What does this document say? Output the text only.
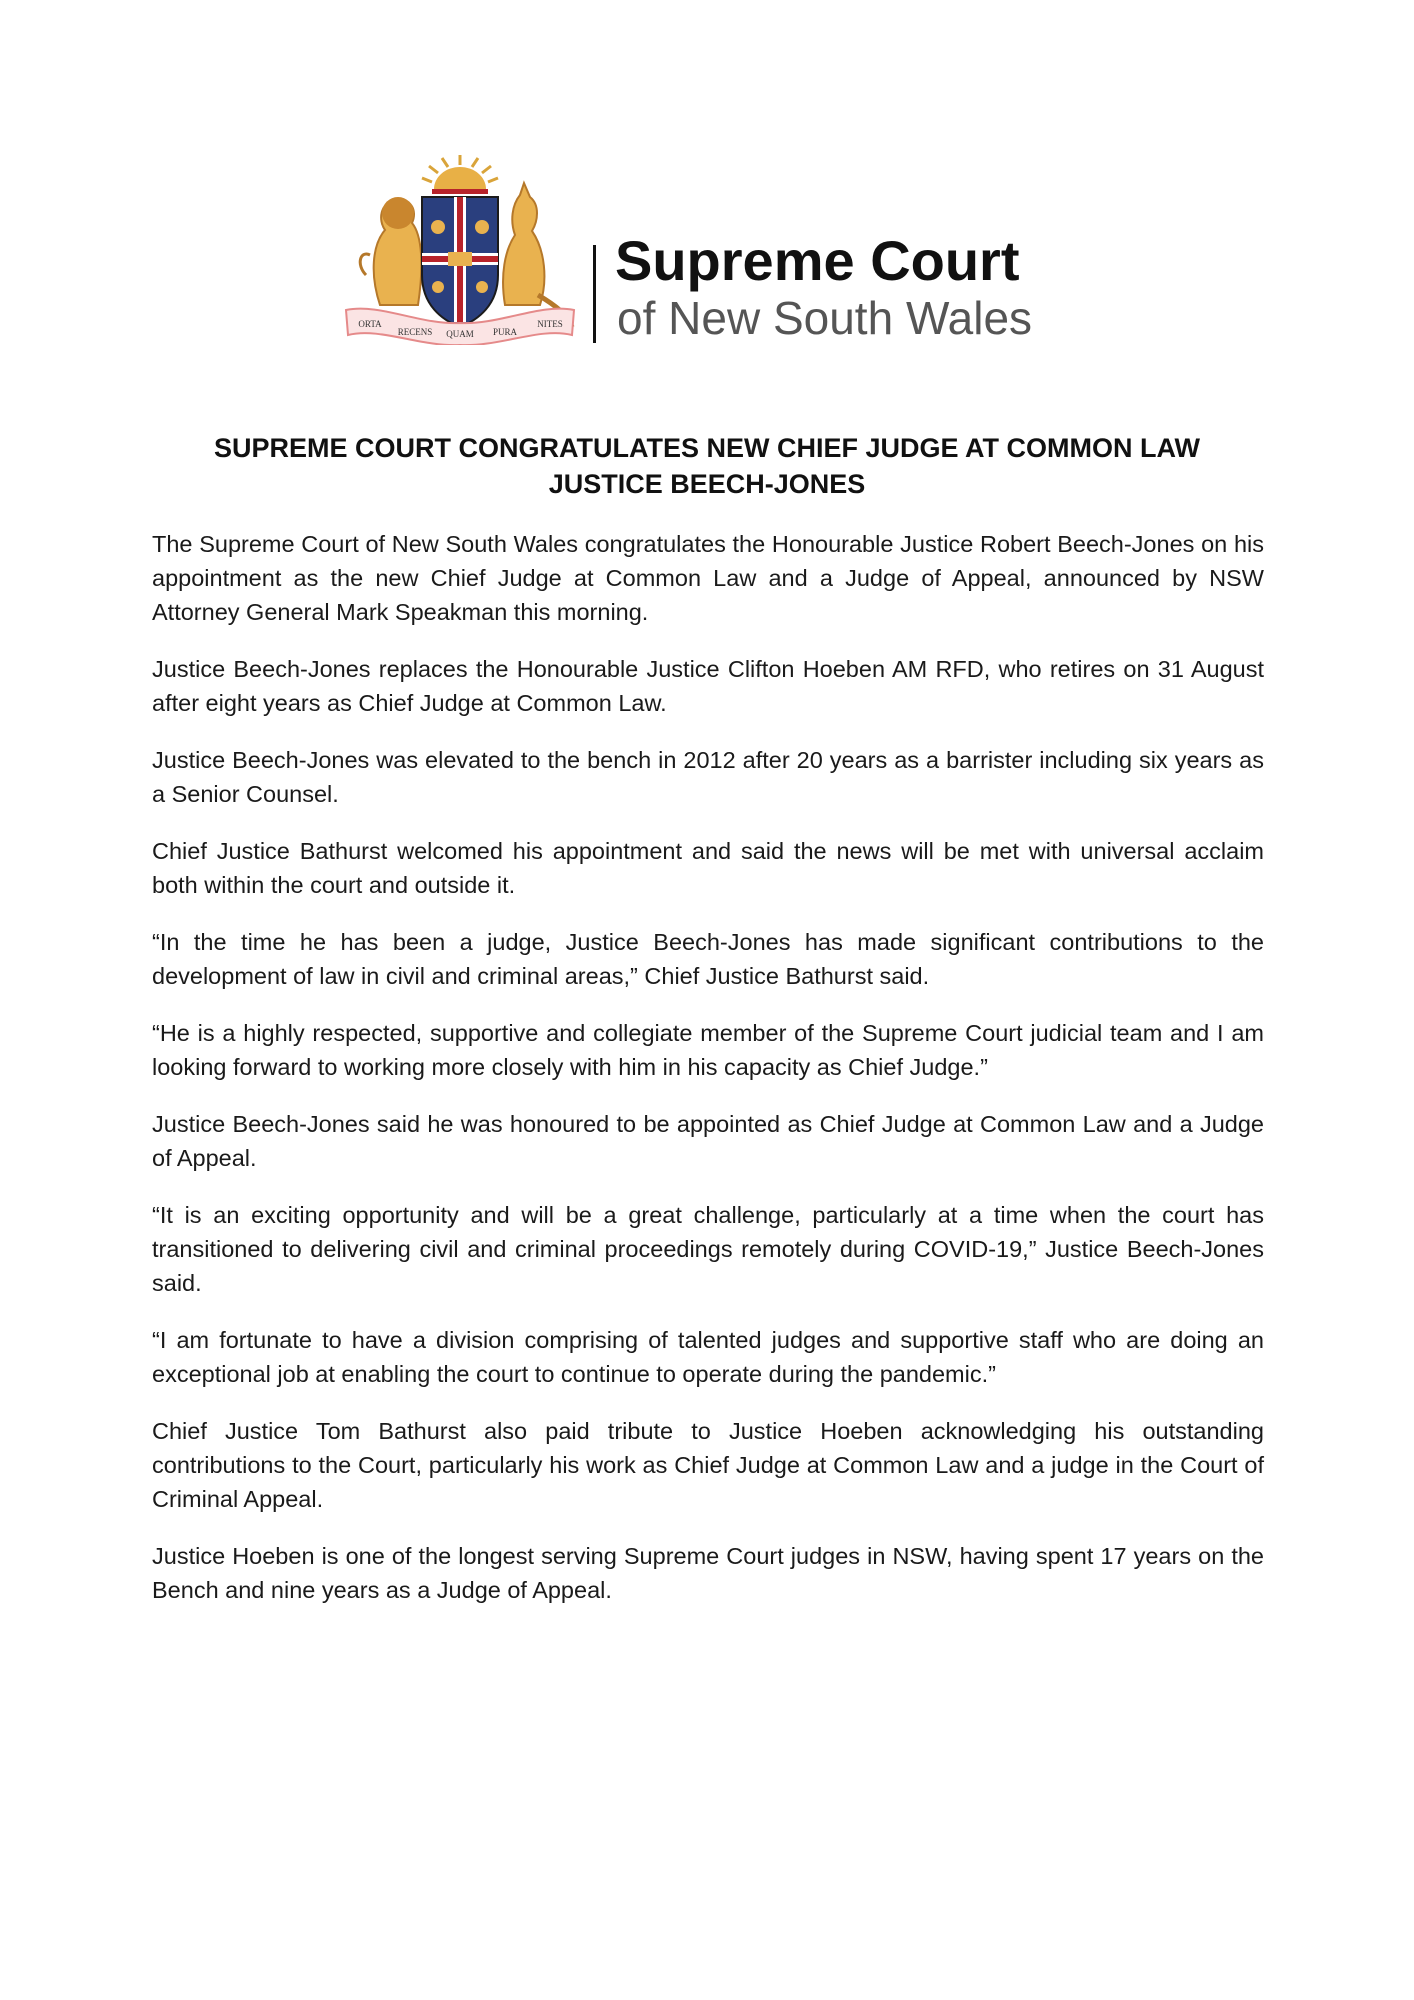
ORTA
RECENS QUAM PURA
NITES
Supreme Court
of New South Wales
SUPREME COURT CONGRATULATES NEW CHIEF JUDGE AT COMMON LAW
JUSTICE BEECH-JONES

The Supreme Court of New South Wales congratulates the Honourable Justice Robert Beech-Jones on his appointment as the new Chief Judge at Common Law and a Judge of Appeal, announced by NSW Attorney General Mark Speakman this morning.

Justice Beech-Jones replaces the Honourable Justice Clifton Hoeben AM RFD, who retires on 31 August after eight years as Chief Judge at Common Law.

Justice Beech-Jones was elevated to the bench in 2012 after 20 years as a barrister including six years as a Senior Counsel.

Chief Justice Bathurst welcomed his appointment and said the news will be met with universal acclaim both within the court and outside it.

“In the time he has been a judge, Justice Beech-Jones has made significant contributions to the development of law in civil and criminal areas,” Chief Justice Bathurst said.

“He is a highly respected, supportive and collegiate member of the Supreme Court judicial team and I am looking forward to working more closely with him in his capacity as Chief Judge.”

Justice Beech-Jones said he was honoured to be appointed as Chief Judge at Common Law and a Judge of Appeal.

“It is an exciting opportunity and will be a great challenge, particularly at a time when the court has transitioned to delivering civil and criminal proceedings remotely during COVID-19,” Justice Beech-Jones said.

“I am fortunate to have a division comprising of talented judges and supportive staff who are doing an exceptional job at enabling the court to continue to operate during the pandemic.”

Chief Justice Tom Bathurst also paid tribute to Justice Hoeben acknowledging his outstanding contributions to the Court, particularly his work as Chief Judge at Common Law and a judge in the Court of Criminal Appeal.

Justice Hoeben is one of the longest serving Supreme Court judges in NSW, having spent 17 years on the Bench and nine years as a Judge of Appeal.
